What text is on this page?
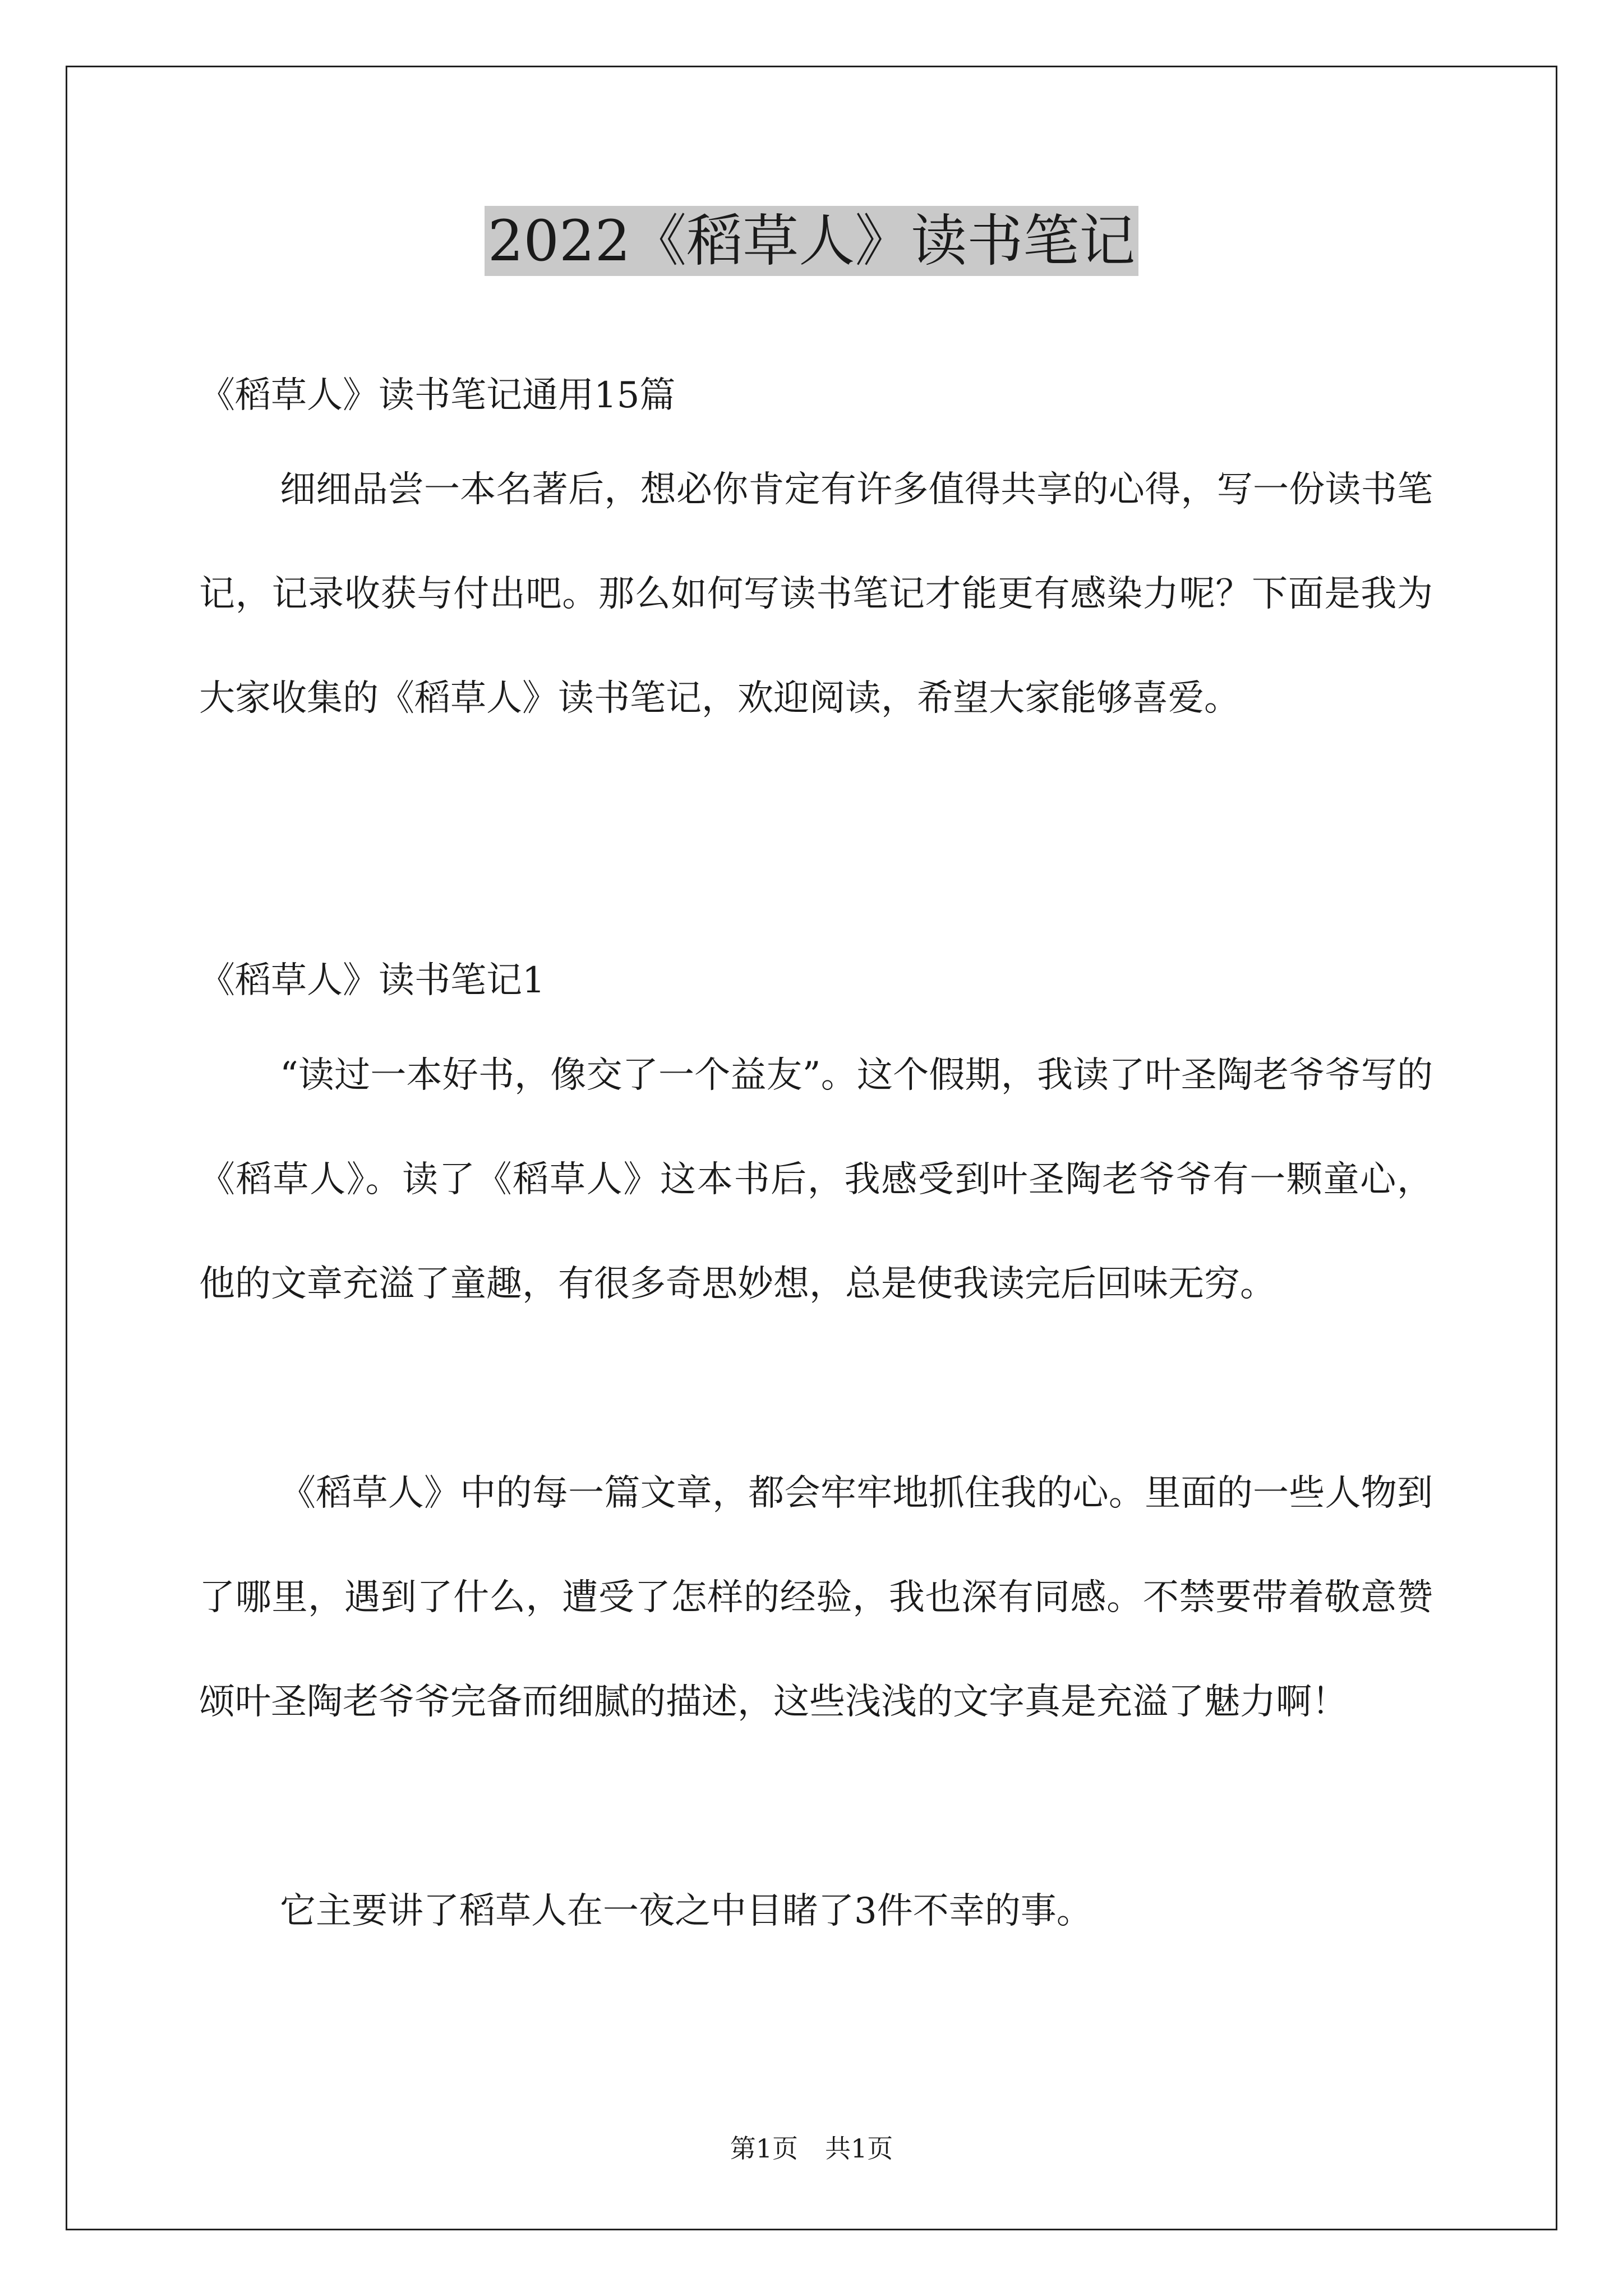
2022《稻草人》读书笔记

《稻草人》读书笔记通用15篇

细细品尝一本名著后，想必你肯定有许多值得共享的心得，写一份读书笔记，记录收获与付出吧。那么如何写读书笔记才能更有感染力呢？下面是我为大家收集的《稻草人》读书笔记，欢迎阅读，希望大家能够喜爱。

《稻草人》读书笔记1

“读过一本好书，像交了一个益友”。这个假期，我读了叶圣陶老爷爷写的《稻草人》。读了《稻草人》这本书后，我感受到叶圣陶老爷爷有一颗童心，他的文章充溢了童趣，有很多奇思妙想，总是使我读完后回味无穷。

《稻草人》中的每一篇文章，都会牢牢地抓住我的心。里面的一些人物到了哪里，遇到了什么，遭受了怎样的经验，我也深有同感。不禁要带着敬意赞颂叶圣陶老爷爷完备而细腻的描述，这些浅浅的文字真是充溢了魅力啊！

它主要讲了稻草人在一夜之中目睹了3件不幸的事。

第1页 共1页
